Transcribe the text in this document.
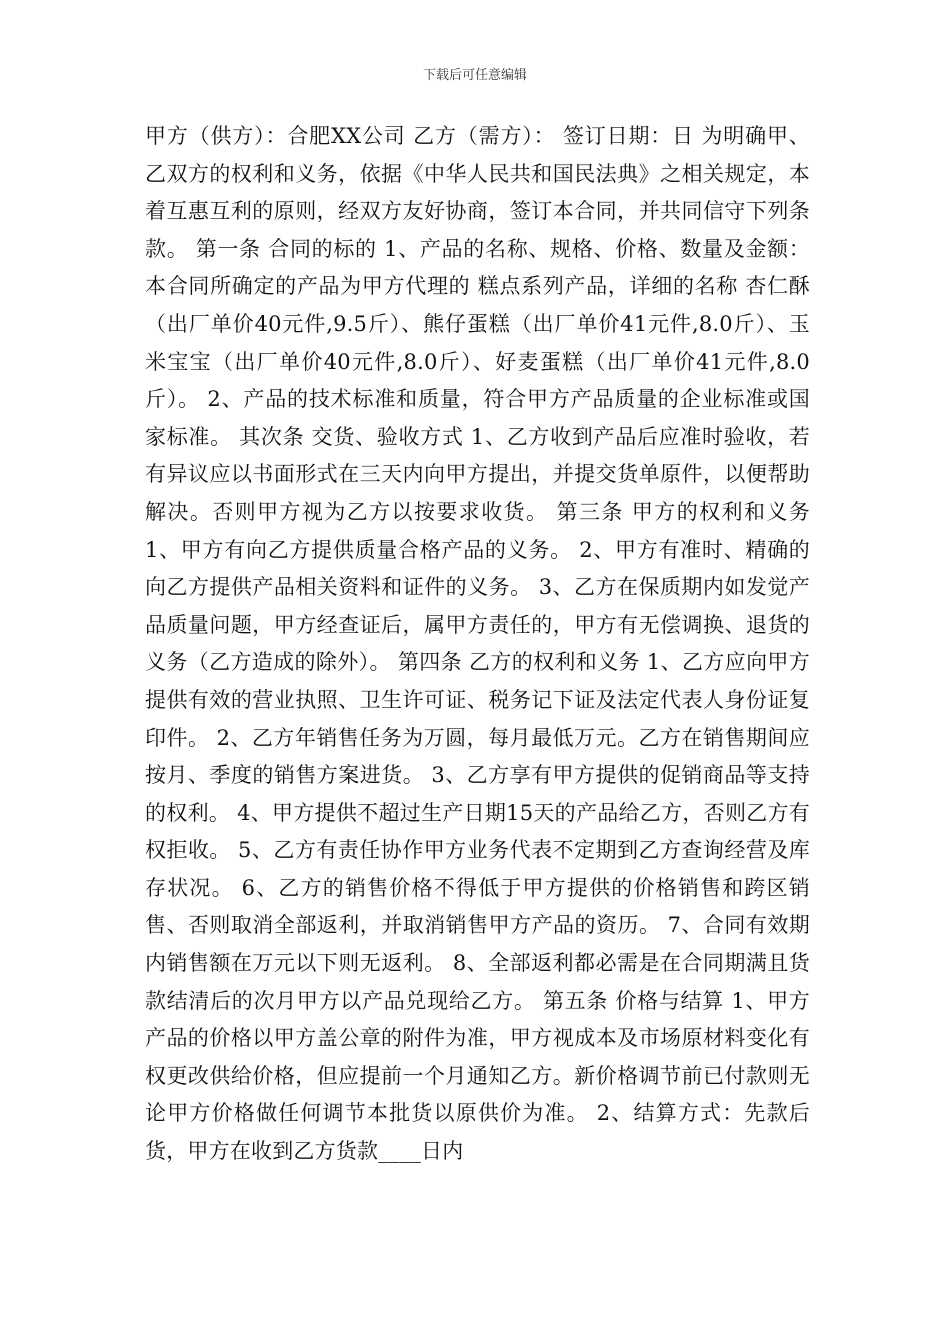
下载后可任意编辑
甲方（供方）：合肥XX公司 乙方（需方）： 签订日期：日 为明确甲、乙双方的权利和义务，依据《中华人民共和国民法典》之相关规定，本着互惠互利的原则，经双方友好协商，签订本合同，并共同信守下列条款。 第一条 合同的标的 1、产品的名称、规格、价格、数量及金额： 本合同所确定的产品为甲方代理的 糕点系列产品，详细的名称 杏仁酥（出厂单价40元件,9.5斤）、熊仔蛋糕（出厂单价41元件,8.0斤）、玉米宝宝（出厂单价40元件,8.0斤）、好麦蛋糕（出厂单价41元件,8.0斤）。 2、产品的技术标准和质量，符合甲方产品质量的企业标准或国家标准。 其次条 交货、验收方式 1、乙方收到产品后应准时验收，若有异议应以书面形式在三天内向甲方提出，并提交货单原件，以便帮助解决。否则甲方视为乙方以按要求收货。 第三条 甲方的权利和义务 1、甲方有向乙方提供质量合格产品的义务。 2、甲方有准时、精确的向乙方提供产品相关资料和证件的义务。 3、乙方在保质期内如发觉产品质量问题，甲方经查证后，属甲方责任的，甲方有无偿调换、退货的义务（乙方造成的除外）。 第四条 乙方的权利和义务 1、乙方应向甲方提供有效的营业执照、卫生许可证、税务记下证及法定代表人身份证复印件。 2、乙方年销售任务为万圆，每月最低万元。乙方在销售期间应按月、季度的销售方案进货。 3、乙方享有甲方提供的促销商品等支持的权利。 4、甲方提供不超过生产日期15天的产品给乙方，否则乙方有权拒收。 5、乙方有责任协作甲方业务代表不定期到乙方查询经营及库存状况。 6、乙方的销售价格不得低于甲方提供的价格销售和跨区销售、否则取消全部返利，并取消销售甲方产品的资历。 7、合同有效期内销售额在万元以下则无返利。 8、全部返利都必需是在合同期满且货款结清后的次月甲方以产品兑现给乙方。 第五条 价格与结算 1、甲方产品的价格以甲方盖公章的附件为准，甲方视成本及市场原材料变化有权更改供给价格，但应提前一个月通知乙方。新价格调节前已付款则无论甲方价格做任何调节本批货以原供价为准。 2、结算方式：先款后货，甲方在收到乙方货款____日内
